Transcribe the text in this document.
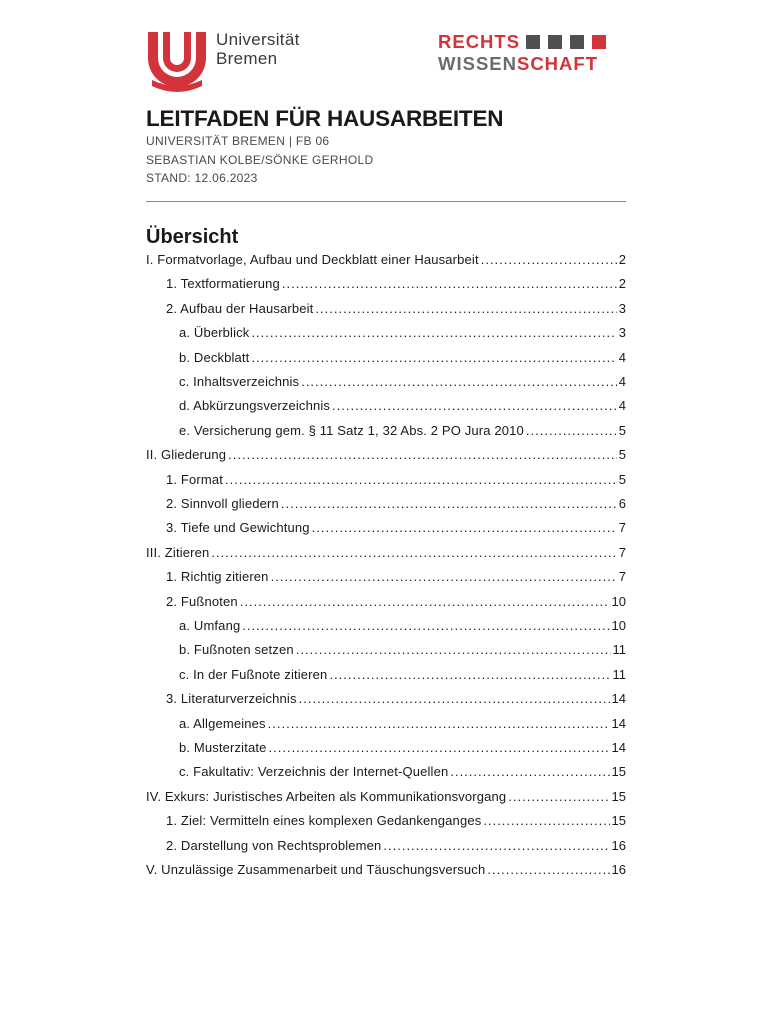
Universität
Bremen
RECHTS
WISSEN SCHAFT
LEITFADEN FÜR HAUSARBEITEN
UNIVERSITÄT BREMEN | FB 06
SEBASTIAN KOLBE/SÖNKE GERHOLD
STAND: 12.06.2023
Übersicht
I. Formatvorlage, Aufbau und Deckblatt einer Hausarbeit .....	2
1. Textformatierung .....	2
2. Aufbau der Hausarbeit .....	3
a. Überblick .....	3
b. Deckblatt .....	4
c. Inhaltsverzeichnis .....	4
d. Abkürzungsverzeichnis .....	4
e. Versicherung gem. § 11 Satz 1, 32 Abs. 2 PO Jura 2010 .....	5
II. Gliederung .....	5
1. Format .....	5
2. Sinnvoll gliedern .....	6
3. Tiefe und Gewichtung .....	7
III. Zitieren .....	7
1. Richtig zitieren .....	7
2. Fußnoten .....	10
a. Umfang .....	10
b. Fußnoten setzen .....	11
c. In der Fußnote zitieren .....	11
3. Literaturverzeichnis .....	14
a. Allgemeines .....	14
b. Musterzitate .....	14
c. Fakultativ: Verzeichnis der Internet-Quellen .....	15
IV. Exkurs: Juristisches Arbeiten als Kommunikationsvorgang .....	15
1. Ziel: Vermitteln eines komplexen Gedankenganges .....	15
2. Darstellung von Rechtsproblemen .....	16
V. Unzulässige Zusammenarbeit und Täuschungsversuch .....	16
